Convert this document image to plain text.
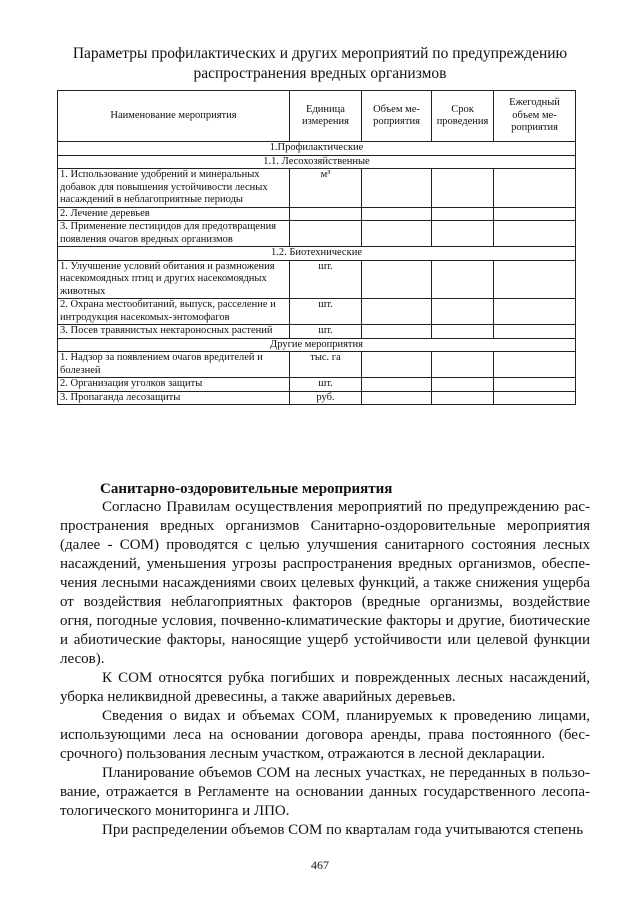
Параметры профилактических и других мероприятий по предупреждению
распространения вредных организмов
Наименование мероприятия	Единица измерения	Объем мероприятия	Срок проведения	Ежегодный объем мероприятия
1.Профилактические				
1.1. Лесохозяйственные				
1. Использование удобрений и минеральных добавок для повышения устойчивости лесных насаждений в неблагоприятные периоды	м³			
2. Лечение деревьев				
3. Применение пестицидов для предотвращения появления очагов вредных организмов				
1.2. Биотехнические				
1. Улучшение условий обитания и размножения насекомоядных птиц и других насекомоядных животных	шт.			
2. Охрана местообитаний, выпуск, расселение и интродукция насекомых-энтомофагов	шт.			
3. Посев травянистых нектароносных растений	шт.			
Другие мероприятия				
1. Надзор за появлением очагов вредителей и болезней	тыс. га			
2. Организация уголков защиты	шт.			
3. Пропаганда лесозащиты	руб.			
Санитарно-оздоровительные мероприятия

Согласно Правилам осуществления мероприятий по предупреждению распространения вредных организмов Санитарно-оздоровительные мероприятия (далее - СОМ) проводятся с целью улучшения санитарного состояния лесных насаждений, уменьшения угрозы распространения вредных организмов, обеспечения лесными насаждениями своих целевых функций, а также снижения ущерба от воздействия неблагоприятных факторов (вредные организмы, воздействие огня, погодные условия, почвенно-климатические факторы и другие, биотические и абиотические факторы, наносящие ущерб устойчивости или целевой функции лесов).

К СОМ относятся рубка погибших и поврежденных лесных насаждений, уборка неликвидной древесины, а также аварийных деревьев.

Сведения о видах и объемах СОМ, планируемых к проведению лицами, использующими леса на основании договора аренды, права постоянного (бессрочного) пользования лесным участком, отражаются в лесной декларации.

Планирование объемов СОМ на лесных участках, не переданных в пользование, отражается в Регламенте на основании данных государственного лесопатологического мониторинга и ЛПО.

При распределении объемов СОМ по кварталам года учитываются степень

467
